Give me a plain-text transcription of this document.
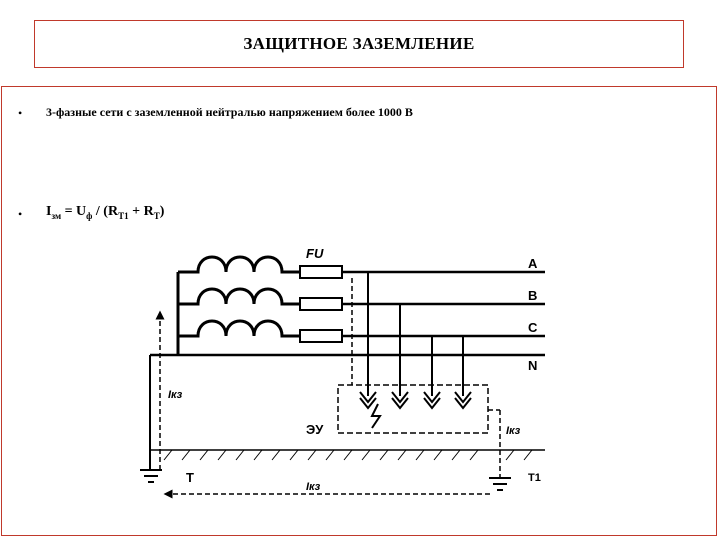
ЗАЩИТНОЕ ЗАЗЕМЛЕНИЕ
• 3-фазные сети с заземленной нейтралью напряжением более 1000 В
• $I_{зм} = U_ф / (R_{T1} + R_T)$
FU
A
B
C
N
ЭУ	Iкз
Iкз
T	T1
Iкз
